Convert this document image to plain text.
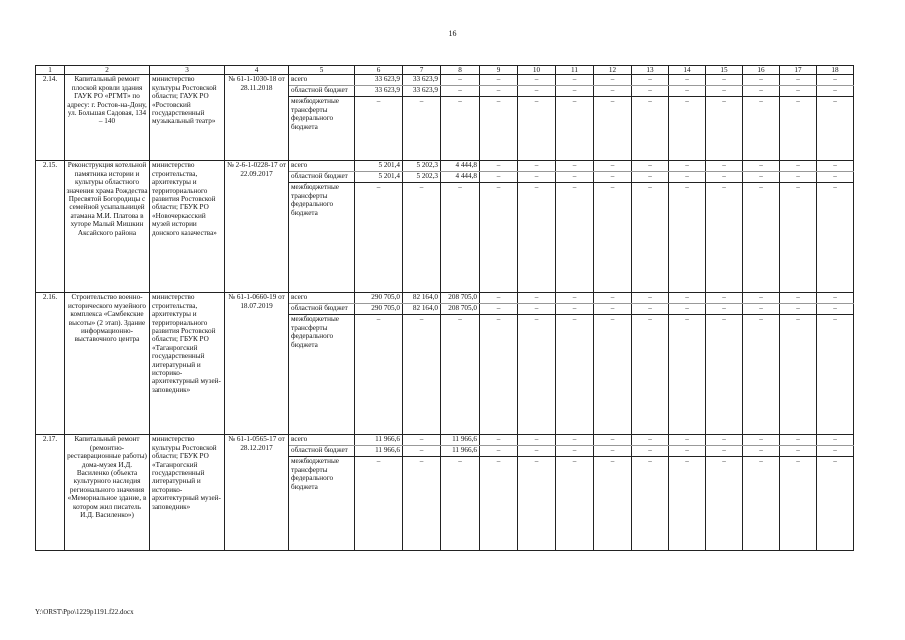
16
1	2	3	4	5	6	7	8	9	10	11	12	13	14	15	16	17	18
2.14.	Капитальный ремонт плоской кровли здания ГАУК РО «РГМТ» по адресу: г. Ростов-на-Дону, ул. Большая Садовая, 134 – 140	министерство культуры Ростовской области; ГАУК РО «Ростовский государственный музыкальный театр»	№ 61-1-1030-18 от 28.11.2018	всего	33 623,9	33 623,9	–	–	–	–	–	–	–	–	–	–	–
				областной бюджет	33 623,9	33 623,9	–	–	–	–	–	–	–	–	–	–	–
				межбюджетные трансферты федерального бюджета	–	–	–	–	–	–	–	–	–	–	–	–	–
2.15.	Реконструкция котельной памятника истории и культуры областного значения храма Рождества Пресвятой Богородицы с семейной усыпальницей атамана М.И. Платова в хуторе Малый Мишкин Аксайского района	министерство строительства, архитектуры и территориального развития Ростовской области; ГБУК РО «Новочеркасский музей истории донского казачества»	№ 2-6-1-0228-17 от 22.09.2017	всего	5 201,4	5 202,3	4 444,8	–	–	–	–	–	–	–	–	–	–
				областной бюджет	5 201,4	5 202,3	4 444,8	–	–	–	–	–	–	–	–	–	–
				межбюджетные трансферты федерального бюджета	–	–	–	–	–	–	–	–	–	–	–	–	–
2.16.	Строительство военно-исторического музейного комплекса «Самбекские высоты» (2 этап). Здание информационно-выставочного центра	министерство строительства, архитектуры и территориального развития Ростовской области; ГБУК РО «Таганрогский государственный литературный и историко-архитектурный музей-заповедник»	№ 61-1-0660-19 от 18.07.2019	всего	290 705,0	82 164,0	208 705,0	–	–	–	–	–	–	–	–	–	–
				областной бюджет	290 705,0	82 164,0	208 705,0	–	–	–	–	–	–	–	–	–	–
				межбюджетные трансферты федерального бюджета	–	–	–	–	–	–	–	–	–	–	–	–	–
2.17.	Капитальный ремонт (ремонтно-реставрационные работы) дома-музея И.Д. Василенко (объекта культурного наследия регионального значения «Мемориальное здание, в котором жил писатель И.Д. Василенко»)	министерство культуры Ростовской области; ГБУК РО «Таганрогский государственный литературный и историко-архитектурный музей-заповедник»	№ 61-1-0565-17 от 28.12.2017	всего	11 966,6	–	11 966,6	–	–	–	–	–	–	–	–	–	–
				областной бюджет	11 966,6	–	11 966,6	–	–	–	–	–	–	–	–	–	–
				межбюджетные трансферты федерального бюджета	–	–	–	–	–	–	–	–	–	–	–	–	–
Y:\ORST\Ppo\1229p1191.f22.docx
